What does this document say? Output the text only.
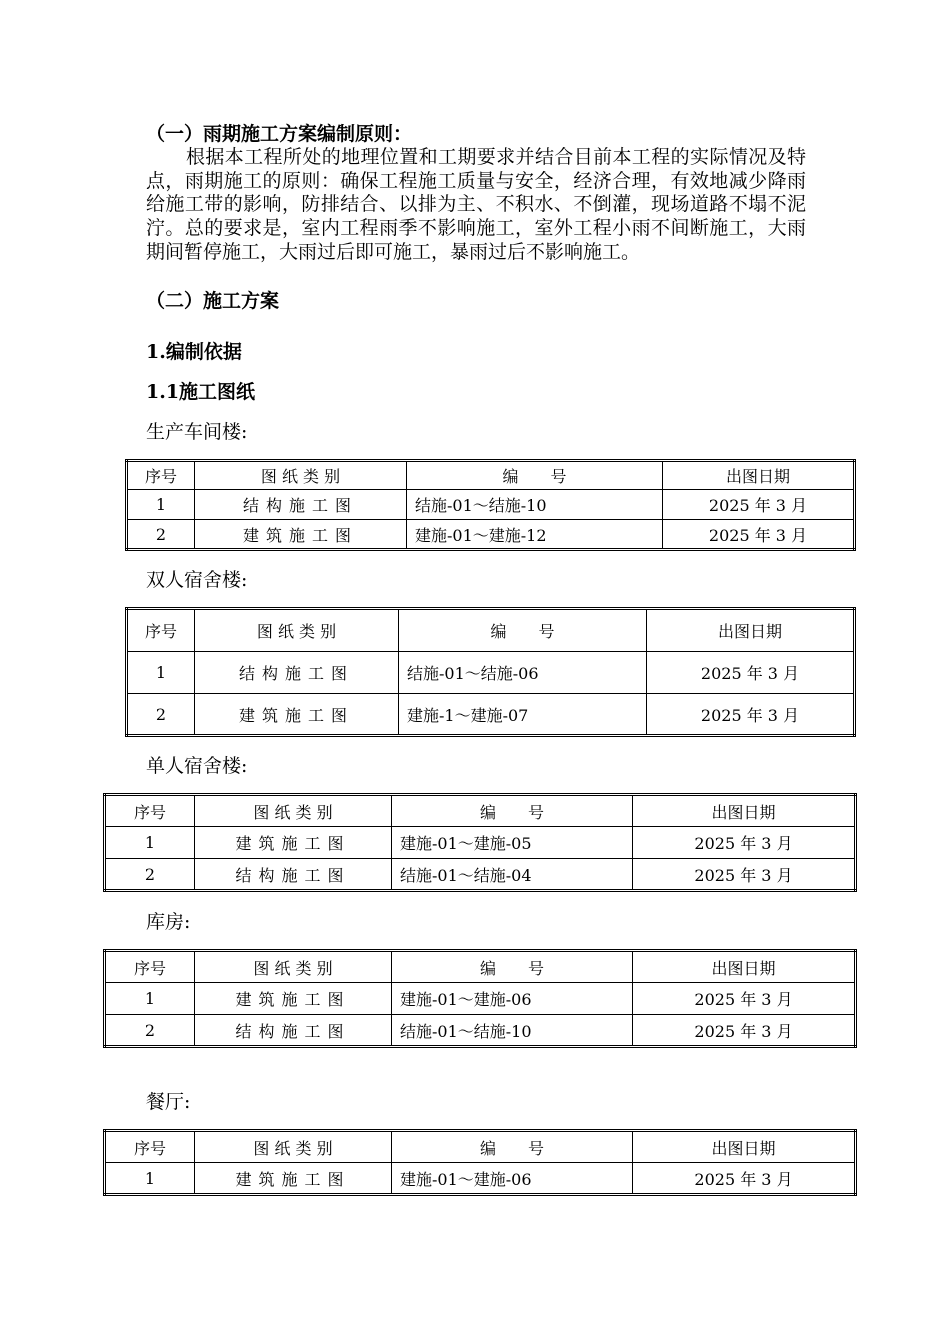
（一）雨期施工方案编制原则：

根据本工程所处的地理位置和工期要求并结合目前本工程的实际情况及特点，雨期施工的原则：确保工程施工质量与安全，经济合理，有效地减少降雨给施工带的影响，防排结合、以排为主、不积水、不倒灌，现场道路不塌不泥泞。总的要求是，室内工程雨季不影响施工，室外工程小雨不间断施工，大雨期间暂停施工，大雨过后即可施工，暴雨过后不影响施工。

（二）施工方案

1.编制依据

1.1施工图纸

生产车间楼:

序号	图 纸 类 别	编　　号	出图日期
1	结构施工图	结施-01～结施-10	2025 年 3 月
2	建筑施工图	建施-01～建施-12	2025 年 3 月

双人宿舍楼:

序号	图 纸 类 别	编　　号	出图日期
1	结构施工图	结施-01～结施-06	2025 年 3 月
2	建筑施工图	建施-1～建施-07	2025 年 3 月

单人宿舍楼:

序号	图 纸 类 别	编　　号	出图日期
1	建筑施工图	建施-01～建施-05	2025 年 3 月
2	结构施工图	结施-01～结施-04	2025 年 3 月

库房:

序号	图 纸 类 别	编　　号	出图日期
1	建筑施工图	建施-01～建施-06	2025 年 3 月
2	结构施工图	结施-01～结施-10	2025 年 3 月

餐厅:

序号	图 纸 类 别	编　　号	出图日期
1	建筑施工图	建施-01～建施-06	2025 年 3 月
